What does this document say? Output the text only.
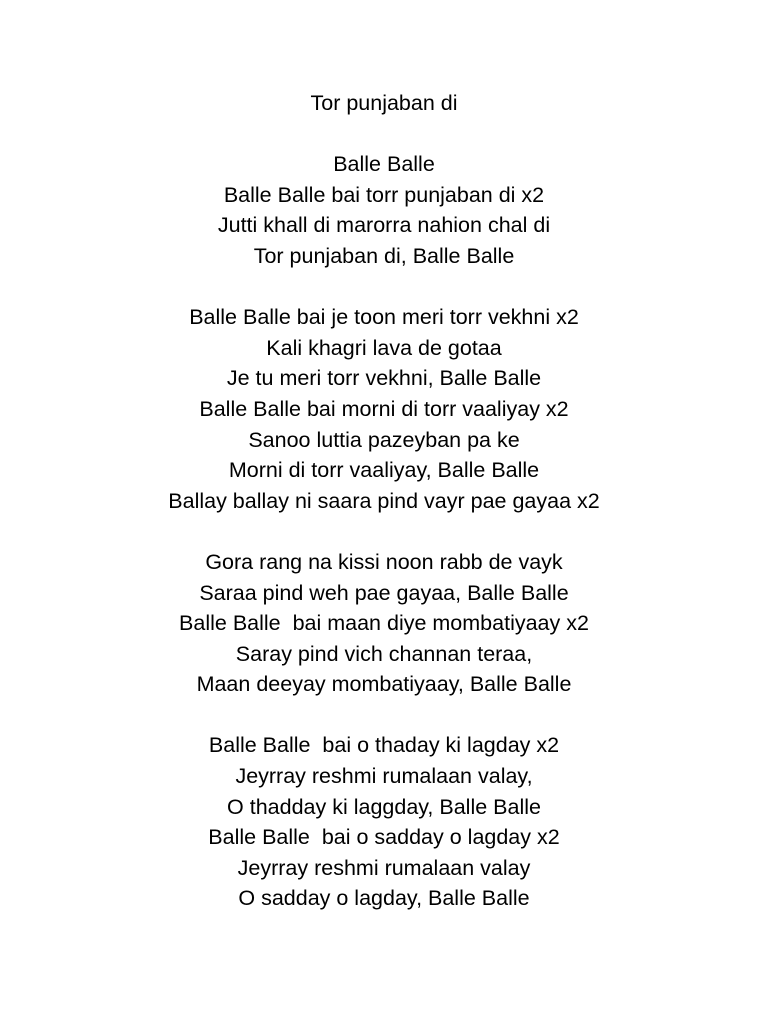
Tor punjaban di
Balle Balle
Balle Balle bai torr punjaban di x2
Jutti khall di marorra nahion chal di
Tor punjaban di, Balle Balle
Balle Balle bai je toon meri torr vekhni x2
Kali khagri lava de gotaa
Je tu meri torr vekhni, Balle Balle
Balle Balle bai morni di torr vaaliyay x2
Sanoo luttia pazeyban pa ke
Morni di torr vaaliyay, Balle Balle
Ballay ballay ni saara pind vayr pae gayaa x2
Gora rang na kissi noon rabb de vayk
Saraa pind weh pae gayaa, Balle Balle
Balle Balle  bai maan diye mombatiyaay x2
Saray pind vich channan teraa,
Maan deeyay mombatiyaay, Balle Balle
Balle Balle  bai o thaday ki lagday x2
Jeyrray reshmi rumalaan valay,
O thadday ki laggday, Balle Balle
Balle Balle  bai o sadday o lagday x2
Jeyrray reshmi rumalaan valay
O sadday o lagday, Balle Balle
